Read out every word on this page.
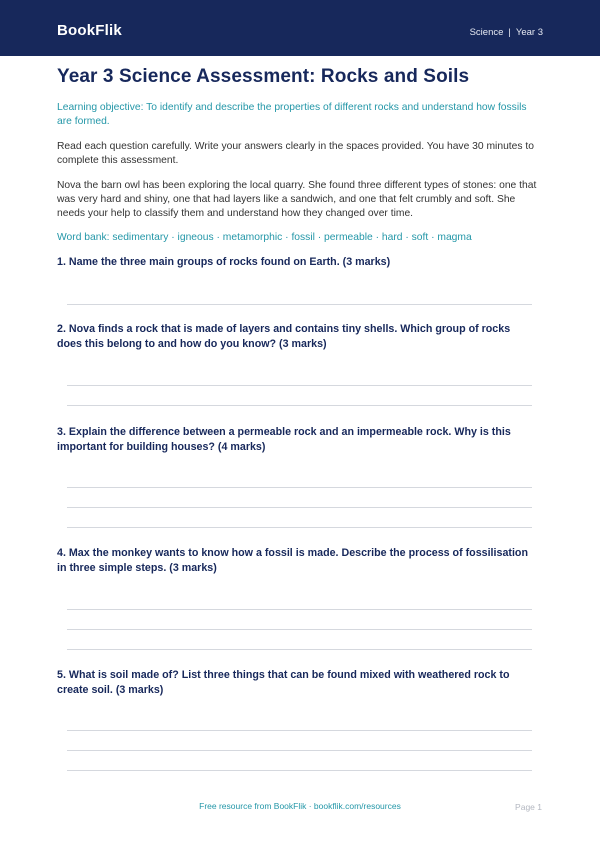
BookFlik	Science | Year 3
Year 3 Science Assessment: Rocks and Soils

Learning objective: To identify and describe the properties of different rocks and understand how fossils are formed.

Read each question carefully. Write your answers clearly in the spaces provided. You have 30 minutes to complete this assessment.

Nova the barn owl has been exploring the local quarry. She found three different types of stones: one that was very hard and shiny, one that had layers like a sandwich, and one that felt crumbly and soft. She needs your help to classify them and understand how they changed over time.

Word bank: sedimentary · igneous · metamorphic · fossil · permeable · hard · soft · magma

1. Name the three main groups of rocks found on Earth. (3 marks)
2. Nova finds a rock that is made of layers and contains tiny shells. Which group of rocks does this belong to and how do you know? (3 marks)
3. Explain the difference between a permeable rock and an impermeable rock. Why is this important for building houses? (4 marks)
4. Max the monkey wants to know how a fossil is made. Describe the process of fossilisation in three simple steps. (3 marks)
5. What is soil made of? List three things that can be found mixed with weathered rock to create soil. (3 marks)
Free resource from BookFlik · bookflik.com/resources	Page 1
